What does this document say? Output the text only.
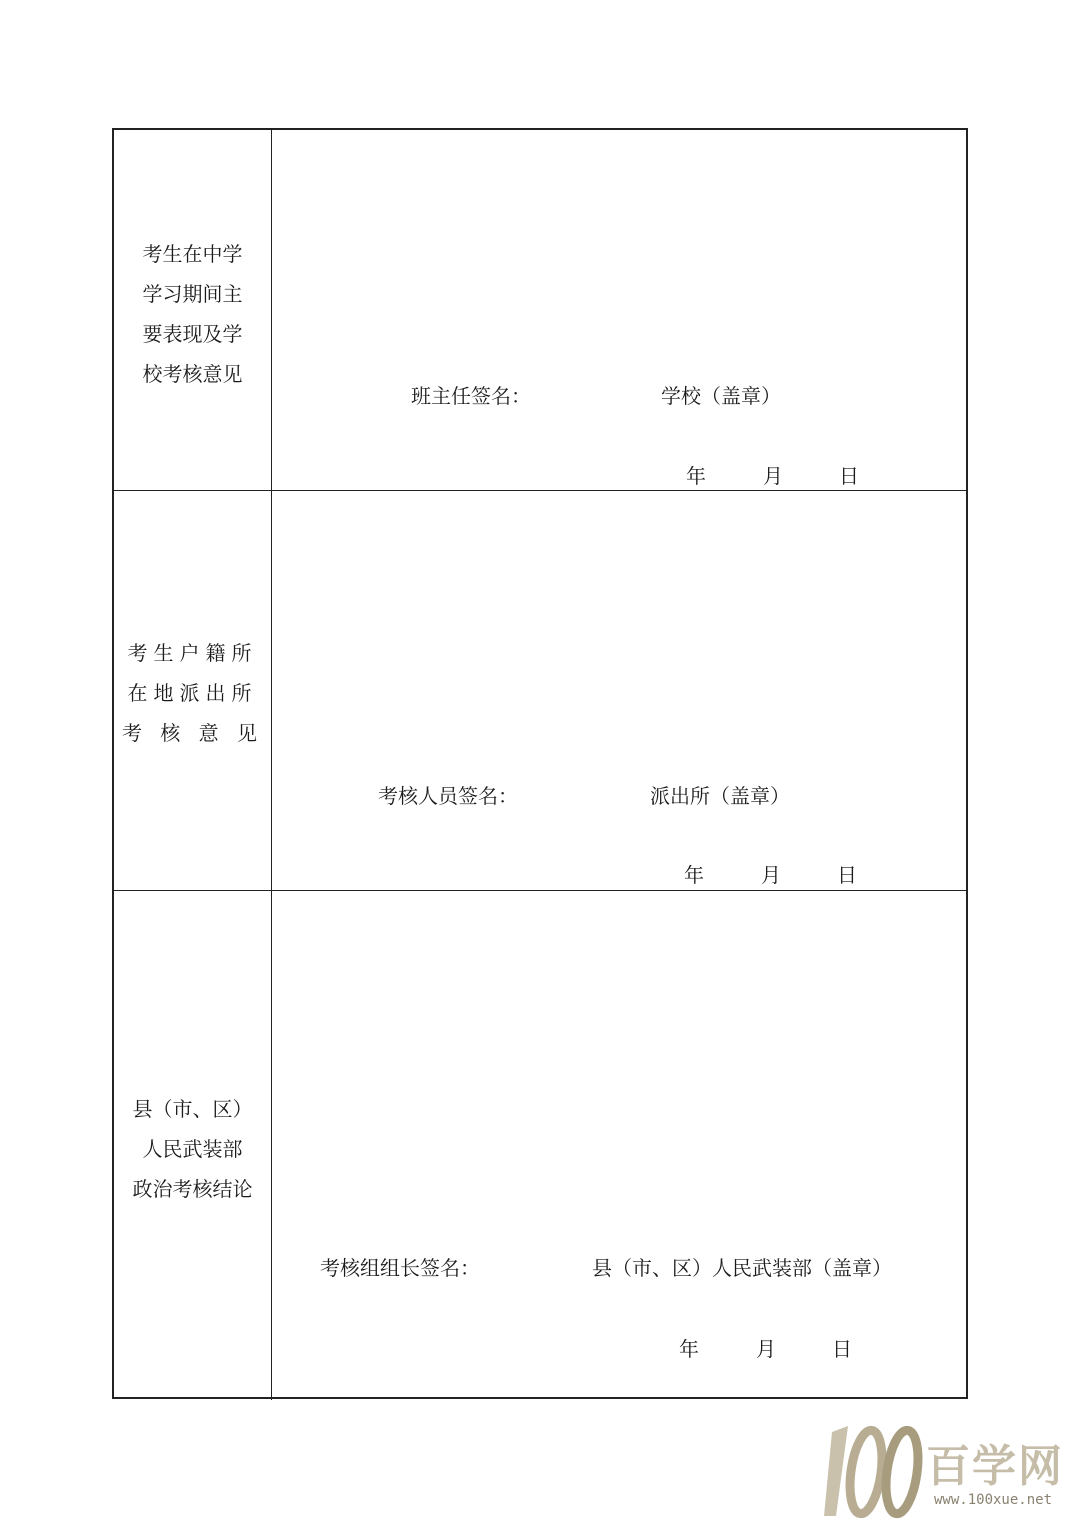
考生在中学
学习期间主
要表现及学
校考核意见
班主任签名：	学校（盖章）
年	月	日
考生户籍所
在地派出所
考 核 意 见
考核人员签名：	派出所（盖章）
年	月	日
县（市、区）
人民武装部
政治考核结论
考核组组长签名：	县（市、区）人民武装部（盖章）
年	月	日
百学网
www.100xue.net
